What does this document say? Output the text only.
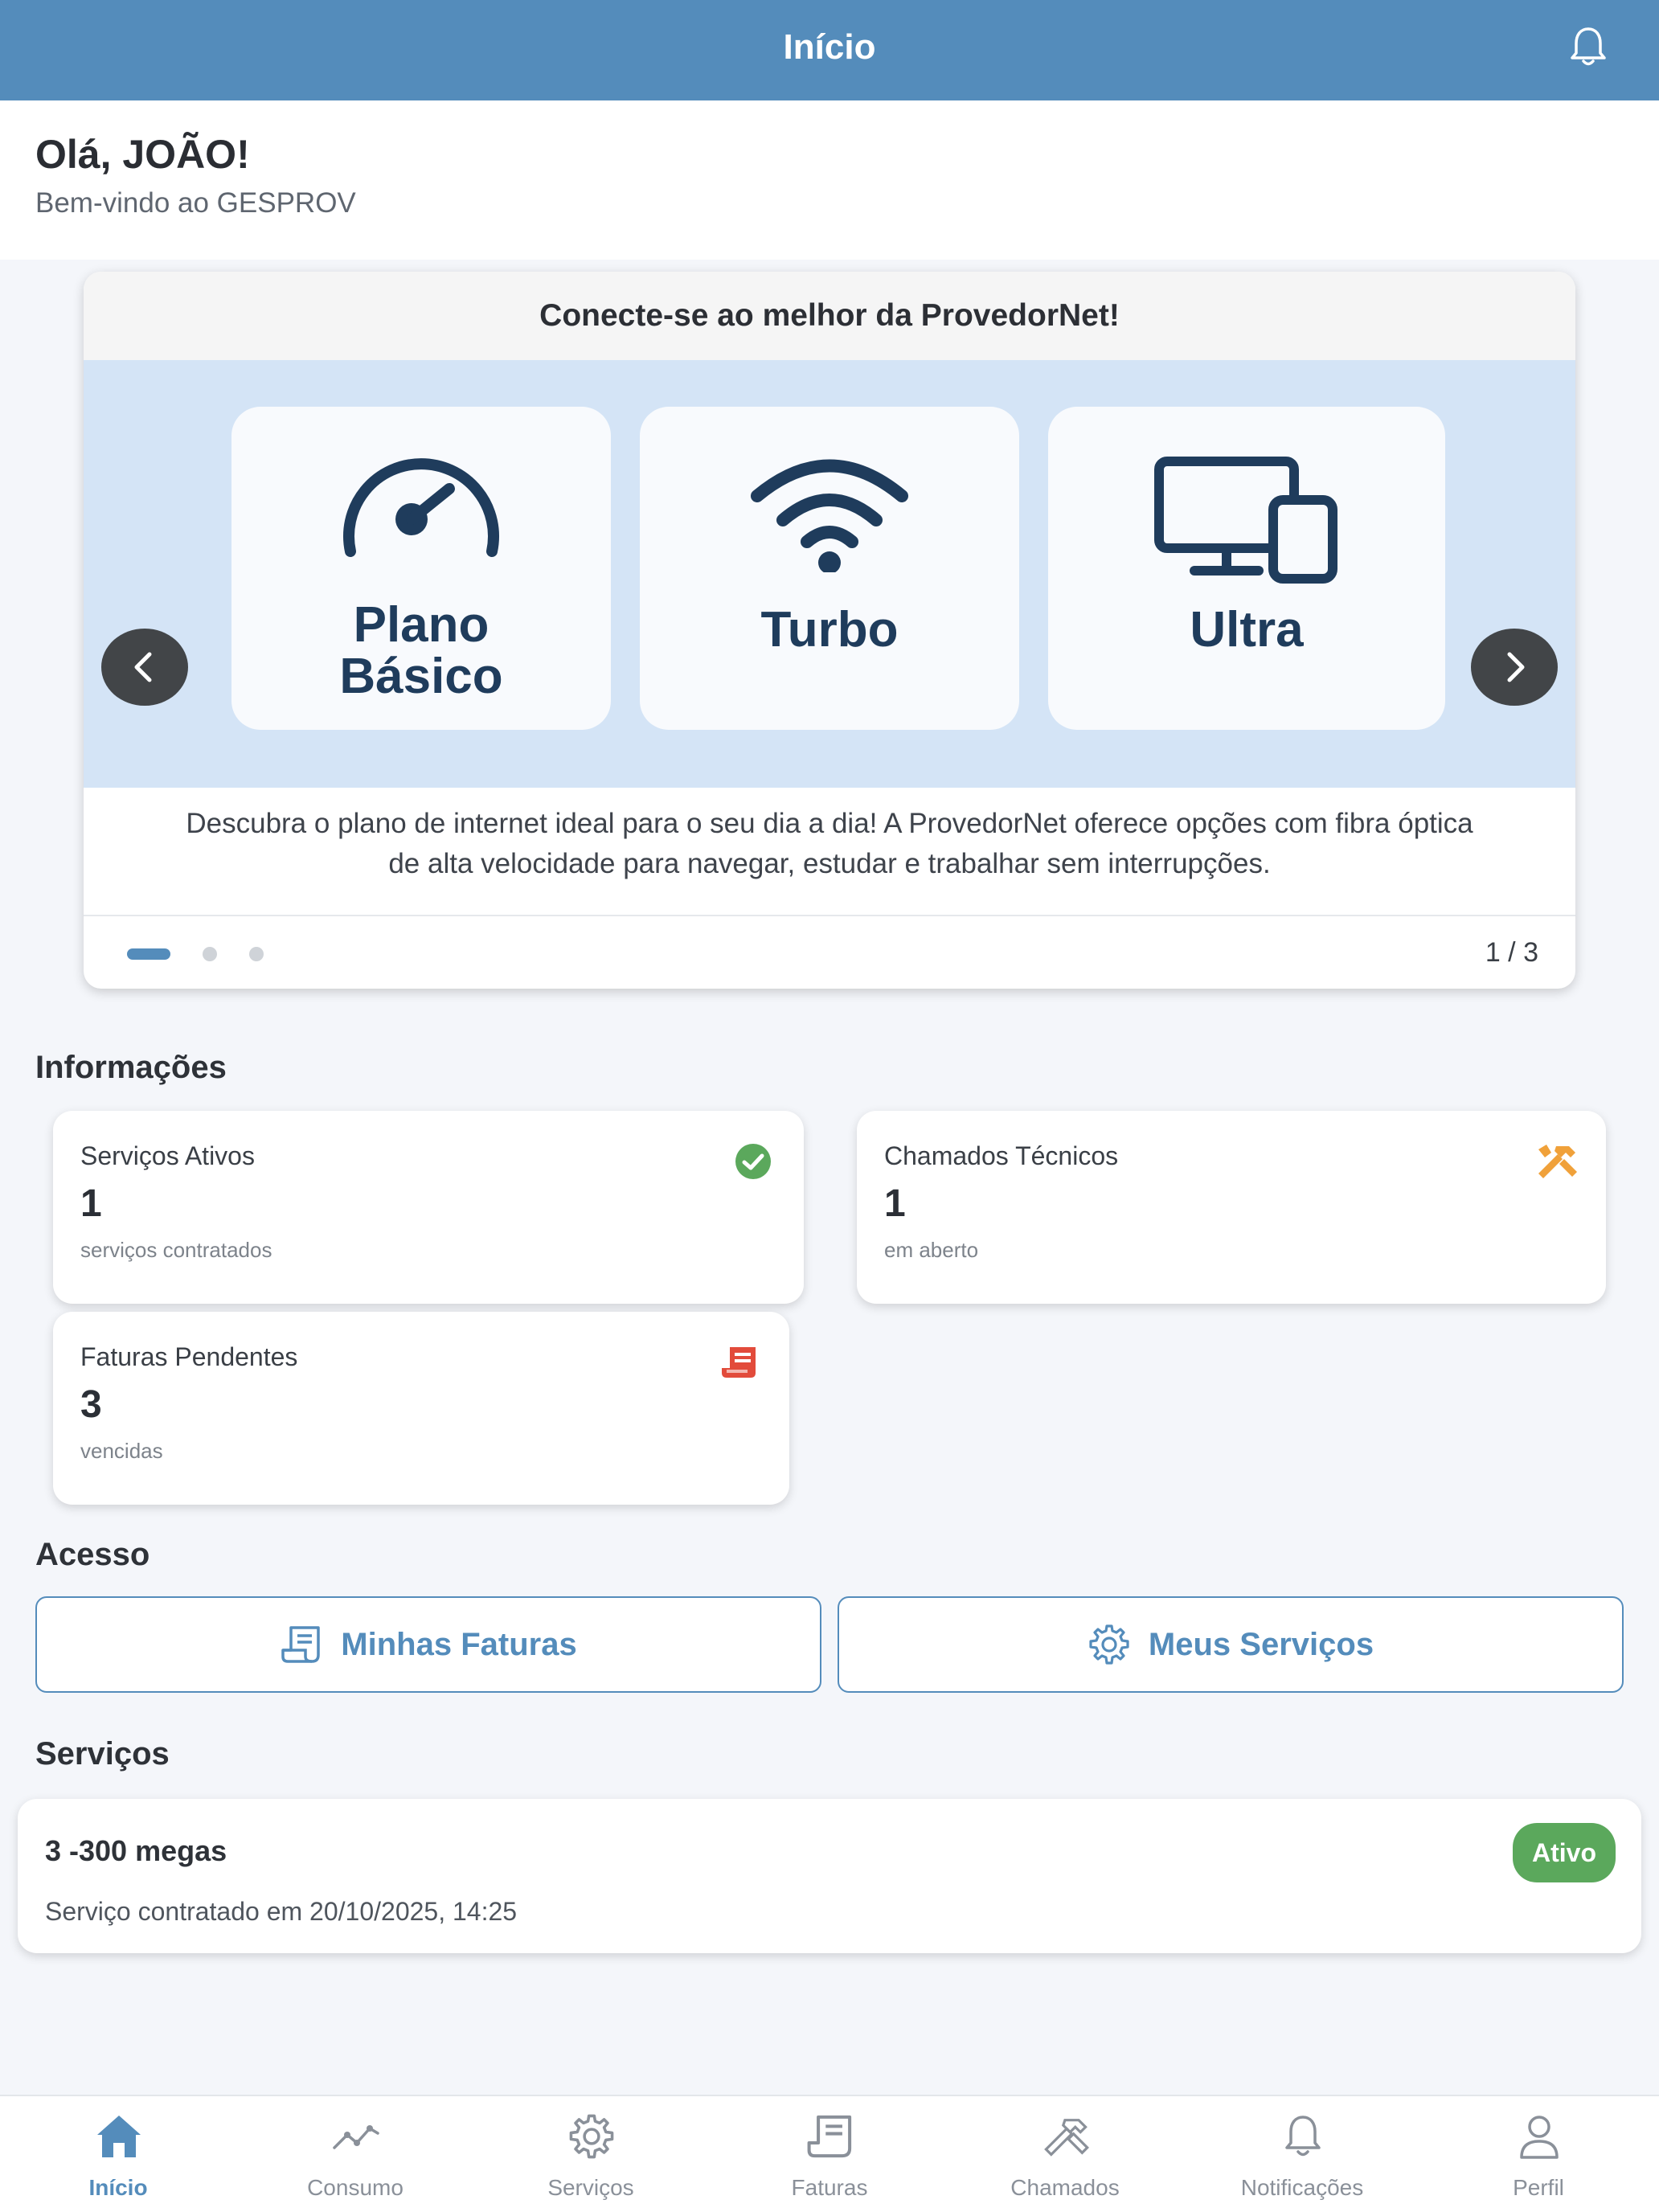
Início
Olá, JOÃO!
Bem-vindo ao GESPROV
Conecte-se ao melhor da ProvedorNet!
Plano
Básico
Turbo	Ultra
Descubra o plano de internet ideal para o seu dia a dia! A ProvedorNet oferece opções com fibra óptica
de alta velocidade para navegar, estudar e trabalhar sem interrupções.
1 / 3
Informações
Serviços Ativos
1
serviços contratados
Chamados Técnicos
1
em aberto
Faturas Pendentes
3
vencidas
Acesso
Minhas Faturas	Meus Serviços
Serviços
3 -300 megas
Serviço contratado em 20/10/2025, 14:25
Ativo
Início	Consumo	Serviços	Faturas	Chamados	Notificações	Perfil
